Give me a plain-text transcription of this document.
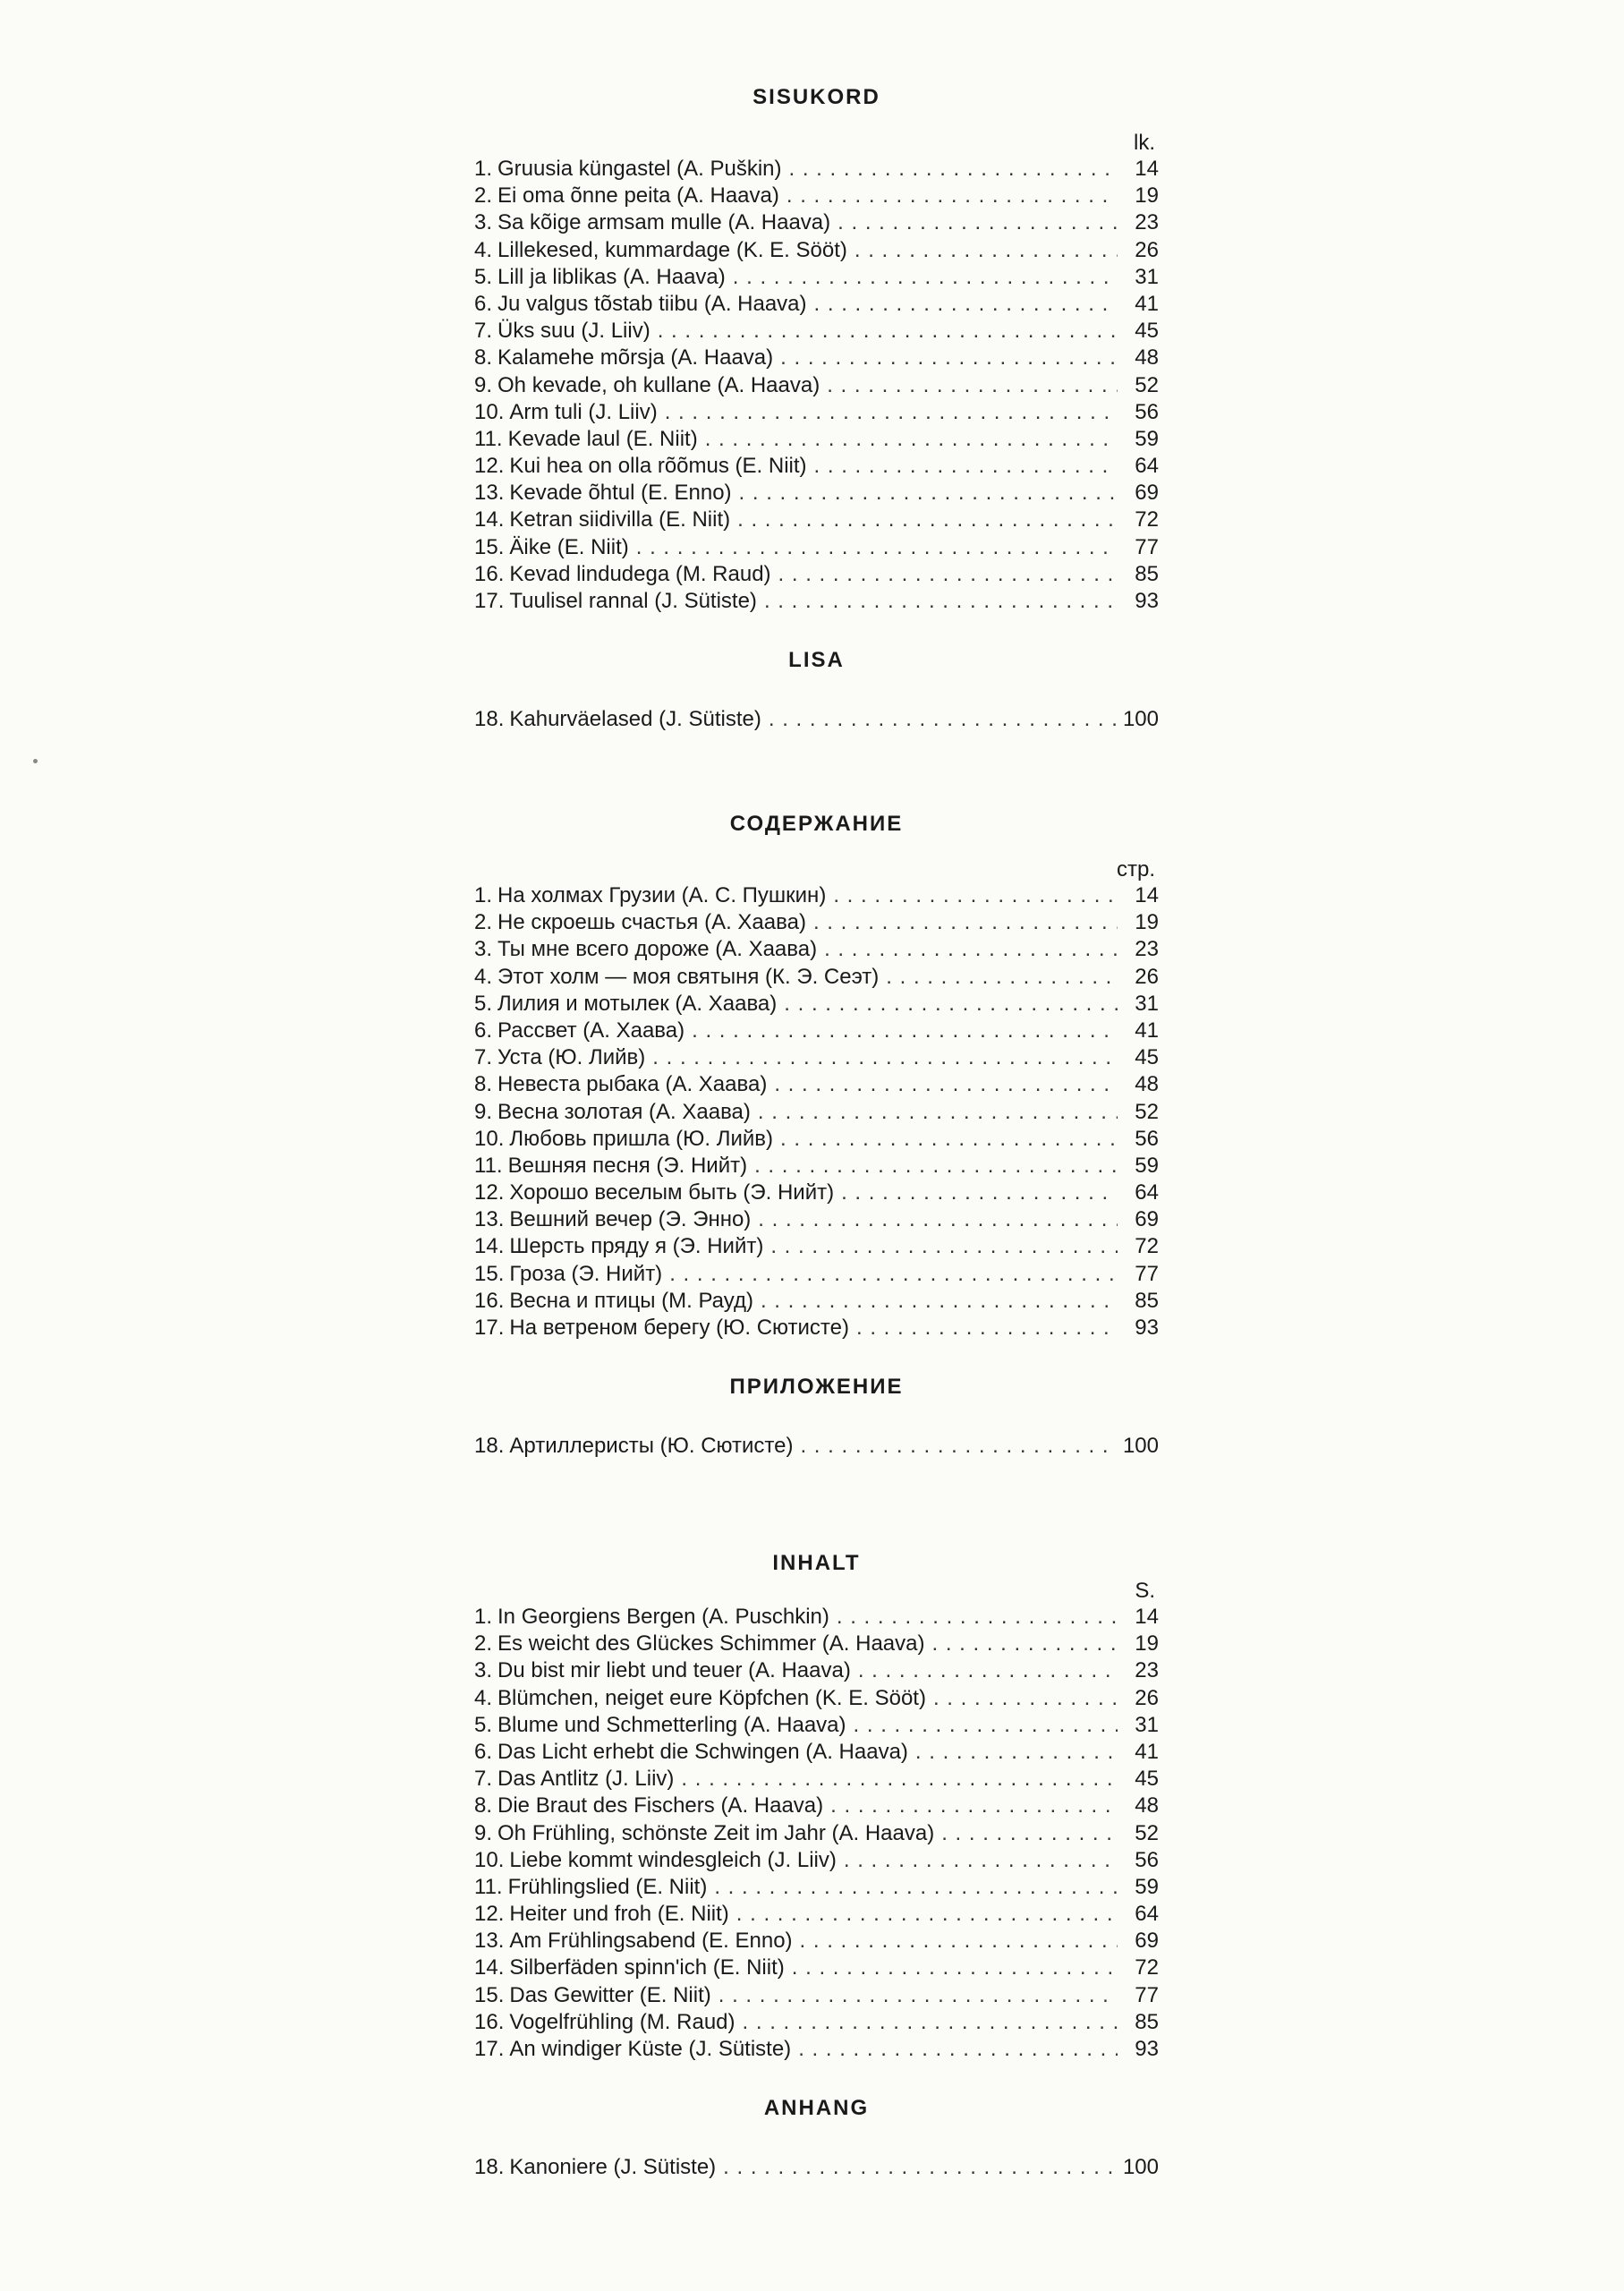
SISUKORD
lk.
1. Gruusia küngastel (A. Puškin) . . .	14
2. Ei oma õnne peita (A. Haava) . . .	19
3. Sa kõige armsam mulle (A. Haava) . . .	23
4. Lillekesed, kummardage (K. E. Sööt) . . .	26
5. Lill ja liblikas (A. Haava) . . .	31
6. Ju valgus tõstab tiibu (A. Haava) . . .	41
7. Üks suu (J. Liiv) . . .	45
8. Kalamehe mõrsja (A. Haava) . . .	48
9. Oh kevade, oh kullane (A. Haava) . . .	52
10. Arm tuli (J. Liiv) . . .	56
11. Kevade laul (E. Niit) . . .	59
12. Kui hea on olla rõõmus (E. Niit) . . .	64
13. Kevade õhtul (E. Enno) . . .	69
14. Ketran siidivilla (E. Niit) . . .	72
15. Äike (E. Niit) . . .	77
16. Kevad lindudega (M. Raud) . . .	85
17. Tuulisel rannal (J. Sütiste) . . .	93
LISA
18. Kahurväelased (J. Sütiste) . . .	100
СОДЕРЖАНИЕ
стр.
1. На холмах Грузии (А. С. Пушкин) . . .	14
2. Не скроешь счастья (А. Хаава) . . .	19
3. Ты мне всего дороже (А. Хаава) . . .	23
4. Этот холм — моя святыня (К. Э. Сеэт) . . .	26
5. Лилия и мотылек (А. Хаава) . . .	31
6. Рассвет (А. Хаава) . . .	41
7. Уста (Ю. Лийв) . . .	45
8. Невеста рыбака (А. Хаава) . . .	48
9. Весна золотая (А. Хаава) . . .	52
10. Любовь пришла (Ю. Лийв) . . .	56
11. Вешняя песня (Э. Нийт) . . .	59
12. Хорошо веселым быть (Э. Нийт) . . .	64
13. Вешний вечер (Э. Энно) . . .	69
14. Шерсть пряду я (Э. Нийт) . . .	72
15. Гроза (Э. Нийт) . . .	77
16. Весна и птицы (М. Рауд) . . .	85
17. На ветреном берегу (Ю. Сютисте) . . .	93
ПРИЛОЖЕНИЕ
18. Артиллеристы (Ю. Сютисте) . . .	100
INHALT
S.
1. In Georgiens Bergen (A. Puschkin) . . .	14
2. Es weicht des Glückes Schimmer (A. Haava) . . .	19
3. Du bist mir liebt und teuer (A. Haava) . . .	23
4. Blümchen, neiget eure Köpfchen (K. E. Sööt) . . .	26
5. Blume und Schmetterling (A. Haava) . . .	31
6. Das Licht erhebt die Schwingen (A. Haava) . . .	41
7. Das Antlitz (J. Liiv) . . .	45
8. Die Braut des Fischers (A. Haava) . . .	48
9. Oh Frühling, schönste Zeit im Jahr (A. Haava) . . .	52
10. Liebe kommt windesgleich (J. Liiv) . . .	56
11. Frühlingslied (E. Niit) . . .	59
12. Heiter und froh (E. Niit) . . .	64
13. Am Frühlingsabend (E. Enno) . . .	69
14. Silberfäden spinn'ich (E. Niit) . . .	72
15. Das Gewitter (E. Niit) . . .	77
16. Vogelfrühling (M. Raud) . . .	85
17. An windiger Küste (J. Sütiste) . . .	93
ANHANG
18. Kanoniere (J. Sütiste) . . .	100
